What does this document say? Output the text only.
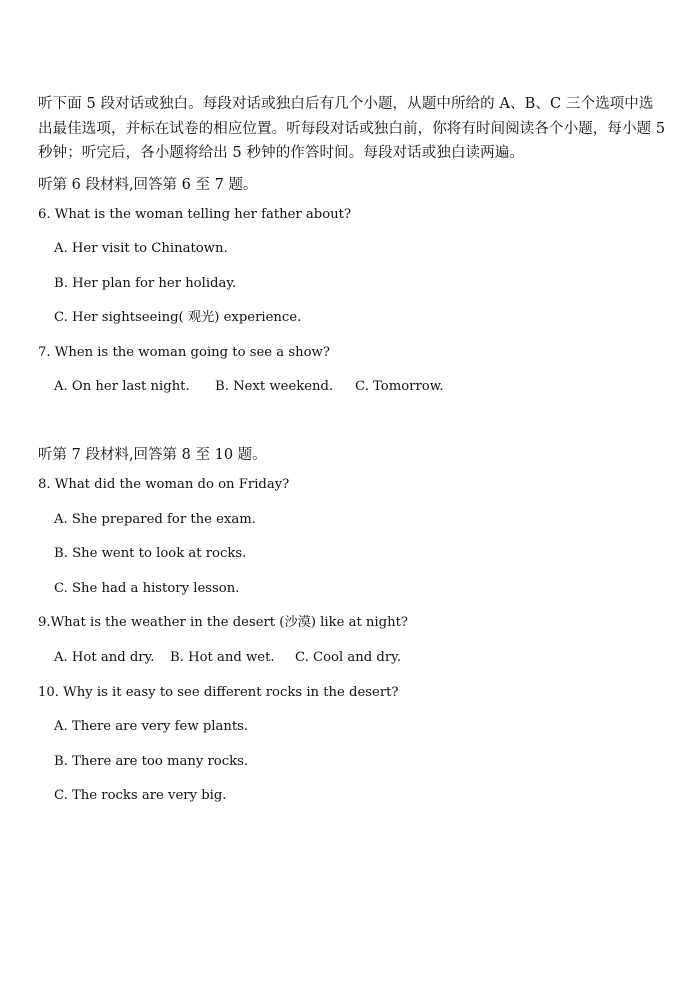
听下面 5 段对话或独白。每段对话或独白后有几个小题，从题中所给的 A、B、C 三个选项中选出最佳选项，并标在试卷的相应位置。听每段对话或独白前，你将有时间阅读各个小题，每小题 5 秒钟；听完后，各小题将给出 5 秒钟的作答时间。每段对话或独白读两遍。

听第 6 段材料,回答第 6 至 7 题。

6. What is the woman telling her father about?

A. Her visit to Chinatown.

B. Her plan for her holiday.

C. Her sightseeing( 观光) experience.

7. When is the woman going to see a show?

A. On her last night.	B. Next weekend.	C. Tomorrow.

听第 7 段材料,回答第 8 至 10 题。

8. What did the woman do on Friday?

A. She prepared for the exam.

B. She went to look at rocks.

C. She had a history lesson.

9.What is the weather in the desert (沙漠) like at night?

A. Hot and dry.	B. Hot and wet.	C. Cool and dry.

10. Why is it easy to see different rocks in the desert?

A. There are very few plants.

B. There are too many rocks.

C. The rocks are very big.
